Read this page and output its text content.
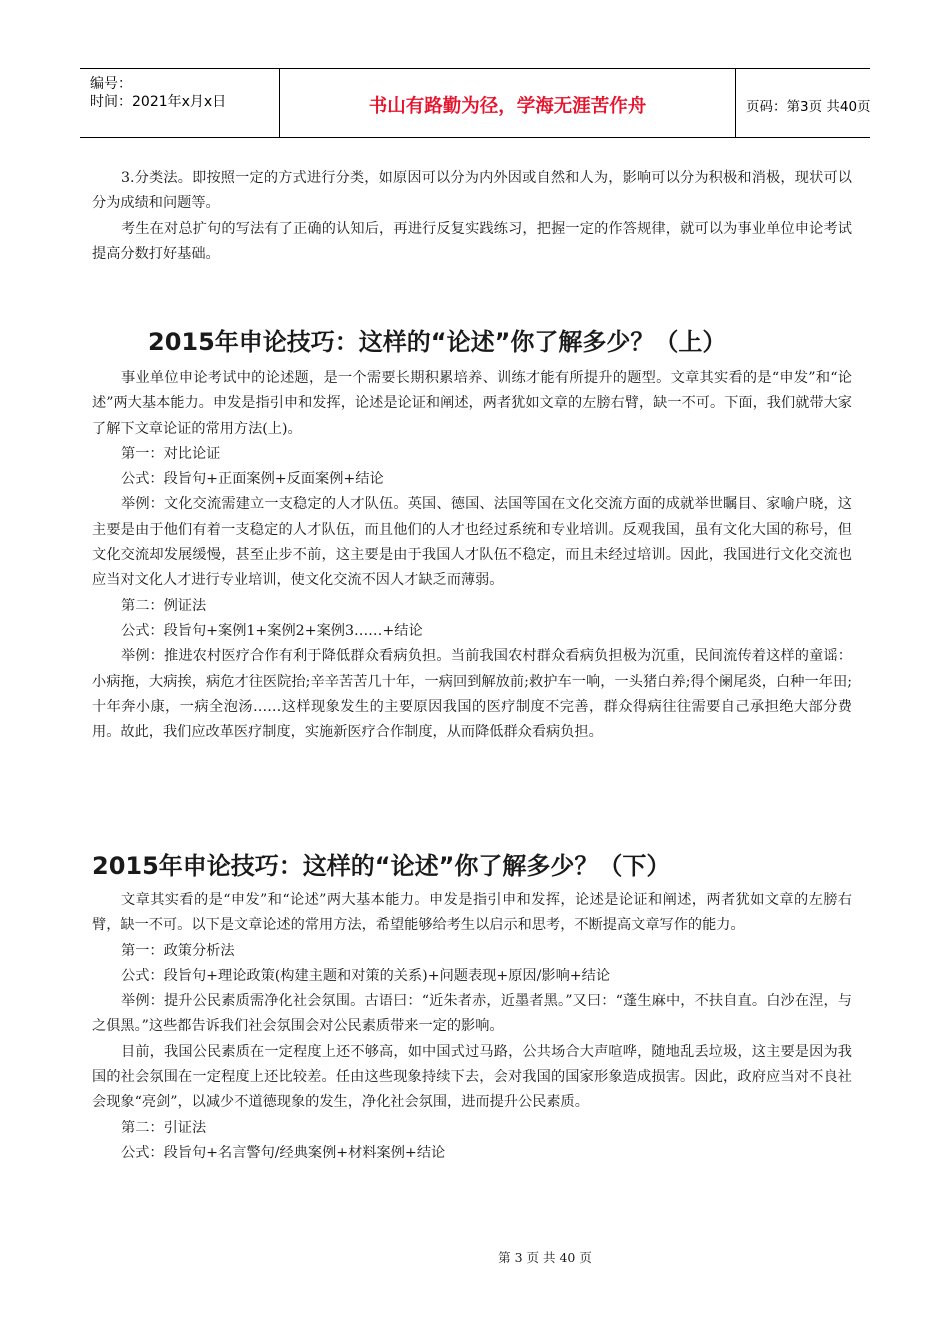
编号：
时间：2021年x月x日	书山有路勤为径，学海无涯苦作舟	页码：第3页 共40页

3.分类法。即按照一定的方式进行分类，如原因可以分为内外因或自然和人为，影响可以分为积极和消极，现状可以分为成绩和问题等。

考生在对总扩句的写法有了正确的认知后，再进行反复实践练习，把握一定的作答规律，就可以为事业单位申论考试提高分数打好基础。

2015年申论技巧：这样的“论述”你了解多少？（上）

事业单位申论考试中的论述题，是一个需要长期积累培养、训练才能有所提升的题型。文章其实看的是“申发”和“论述”两大基本能力。申发是指引申和发挥，论述是论证和阐述，两者犹如文章的左膀右臂，缺一不可。下面，我们就带大家了解下文章论证的常用方法(上)。

第一：对比论证

公式：段旨句+正面案例+反面案例+结论

举例：文化交流需建立一支稳定的人才队伍。英国、德国、法国等国在文化交流方面的成就举世瞩目、家喻户晓，这主要是由于他们有着一支稳定的人才队伍，而且他们的人才也经过系统和专业培训。反观我国，虽有文化大国的称号，但文化交流却发展缓慢，甚至止步不前，这主要是由于我国人才队伍不稳定，而且未经过培训。因此，我国进行文化交流也应当对文化人才进行专业培训，使文化交流不因人才缺乏而薄弱。

第二：例证法

公式：段旨句+案例1+案例2+案例3……+结论

举例：推进农村医疗合作有利于降低群众看病负担。当前我国农村群众看病负担极为沉重，民间流传着这样的童谣：小病拖，大病挨，病危才往医院抬;辛辛苦苦几十年，一病回到解放前;救护车一响，一头猪白养;得个阑尾炎，白种一年田;十年奔小康，一病全泡汤……这样现象发生的主要原因我国的医疗制度不完善，群众得病往往需要自己承担绝大部分费用。故此，我们应改革医疗制度，实施新医疗合作制度，从而降低群众看病负担。

2015年申论技巧：这样的“论述”你了解多少？（下）

文章其实看的是“申发”和“论述”两大基本能力。申发是指引申和发挥，论述是论证和阐述，两者犹如文章的左膀右臂，缺一不可。以下是文章论述的常用方法，希望能够给考生以启示和思考，不断提高文章写作的能力。

第一：政策分析法

公式：段旨句+理论政策(构建主题和对策的关系)+问题表现+原因/影响+结论

举例：提升公民素质需净化社会氛围。古语曰：“近朱者赤，近墨者黑。”又曰：“蓬生麻中，不扶自直。白沙在涅，与之俱黑。”这些都告诉我们社会氛围会对公民素质带来一定的影响。

目前，我国公民素质在一定程度上还不够高，如中国式过马路，公共场合大声喧哗，随地乱丢垃圾，这主要是因为我国的社会氛围在一定程度上还比较差。任由这些现象持续下去，会对我国的国家形象造成损害。因此，政府应当对不良社会现象“亮剑”，以减少不道德现象的发生，净化社会氛围，进而提升公民素质。

第二：引证法

公式：段旨句+名言警句/经典案例+材料案例+结论

第 3 页 共 40 页
